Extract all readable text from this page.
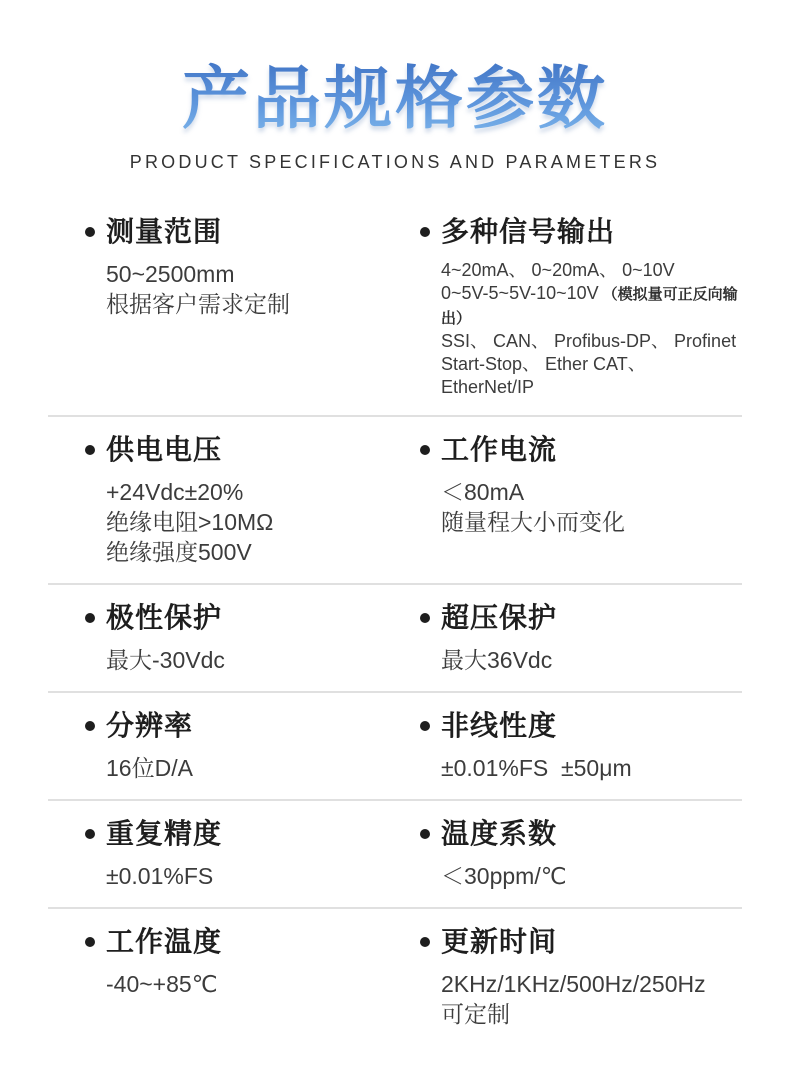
产品规格参数
PRODUCT SPECIFICATIONS AND PARAMETERS
测量范围

50~2500mm

根据客户需求定制

多种信号输出

4~20mA、 0~20mA、 0~10V

0~5V-5~5V-10~10V （模拟量可正反向输出）

SSI、 CAN、 Profibus-DP、 Profinet

Start-Stop、 Ether CAT、 EtherNet/IP

供电电压

+24Vdc±20%

绝缘电阻>10MΩ

绝缘强度500V

工作电流

＜80mA

随量程大小而变化

极性保护

最大-30Vdc

超压保护

最大36Vdc

分辨率

16位D/A

非线性度

±0.01%FS  ±50μm

重复精度

±0.01%FS

温度系数

＜30ppm/℃

工作温度

-40~+85℃

更新时间

2KHz/1KHz/500Hz/250Hz

可定制
